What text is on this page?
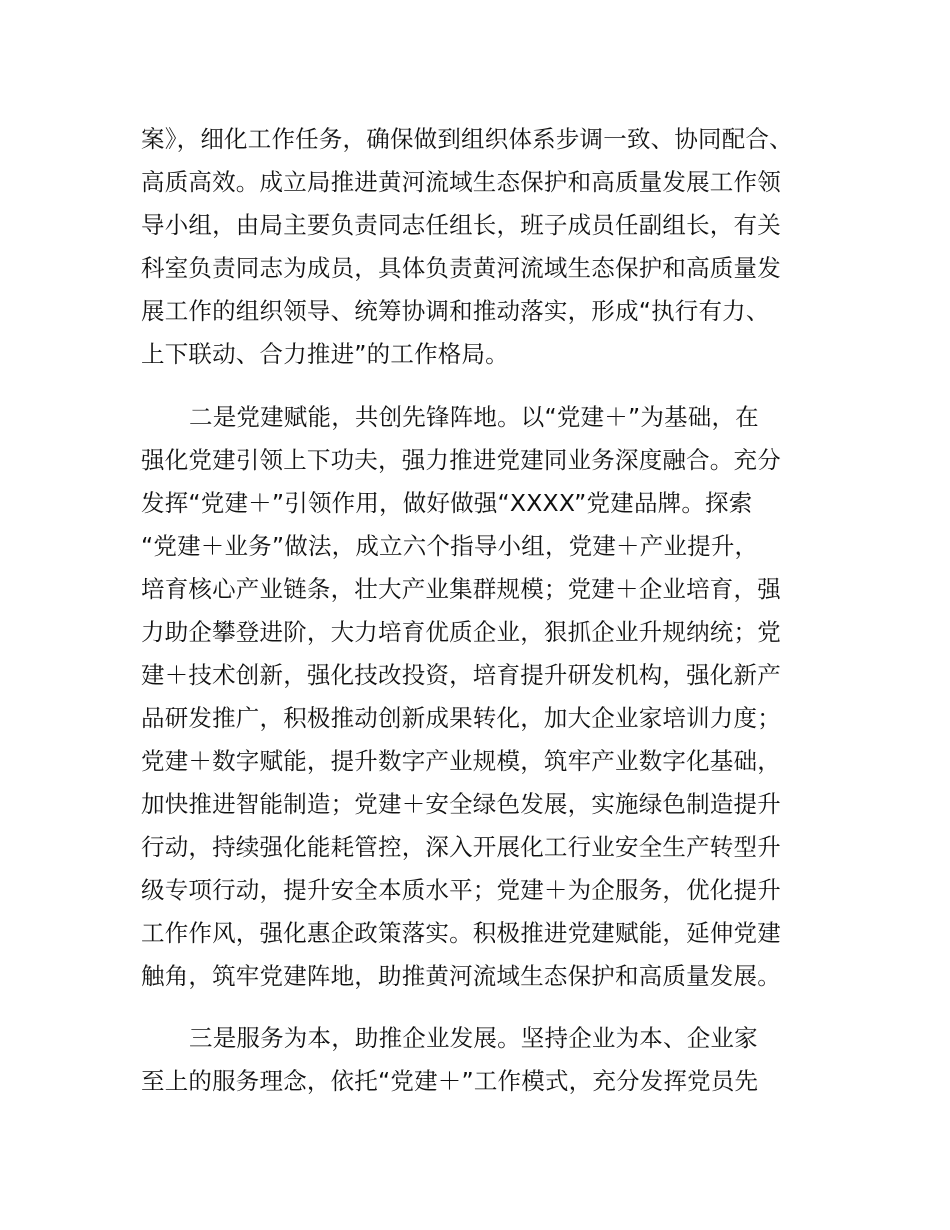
案》，细化工作任务，确保做到组织体系步调一致、协同配合、
高质高效。成立局推进黄河流域生态保护和高质量发展工作领
导小组，由局主要负责同志任组长，班子成员任副组长，有关
科室负责同志为成员，具体负责黄河流域生态保护和高质量发
展工作的组织领导、统筹协调和推动落实，形成“执行有力、
上下联动、合力推进”的工作格局。
二是党建赋能，共创先锋阵地。以“党建＋”为基础，在
强化党建引领上下功夫，强力推进党建同业务深度融合。充分
发挥“党建＋”引领作用，做好做强“XXXX”党建品牌。探索
“党建＋业务”做法，成立六个指导小组，党建＋产业提升，
培育核心产业链条，壮大产业集群规模；党建＋企业培育，强
力助企攀登进阶，大力培育优质企业，狠抓企业升规纳统；党
建＋技术创新，强化技改投资，培育提升研发机构，强化新产
品研发推广，积极推动创新成果转化，加大企业家培训力度；
党建＋数字赋能，提升数字产业规模，筑牢产业数字化基础，
加快推进智能制造；党建＋安全绿色发展，实施绿色制造提升
行动，持续强化能耗管控，深入开展化工行业安全生产转型升
级专项行动，提升安全本质水平；党建＋为企服务，优化提升
工作作风，强化惠企政策落实。积极推进党建赋能，延伸党建
触角，筑牢党建阵地，助推黄河流域生态保护和高质量发展。
三是服务为本，助推企业发展。坚持企业为本、企业家
至上的服务理念，依托“党建＋”工作模式，充分发挥党员先
